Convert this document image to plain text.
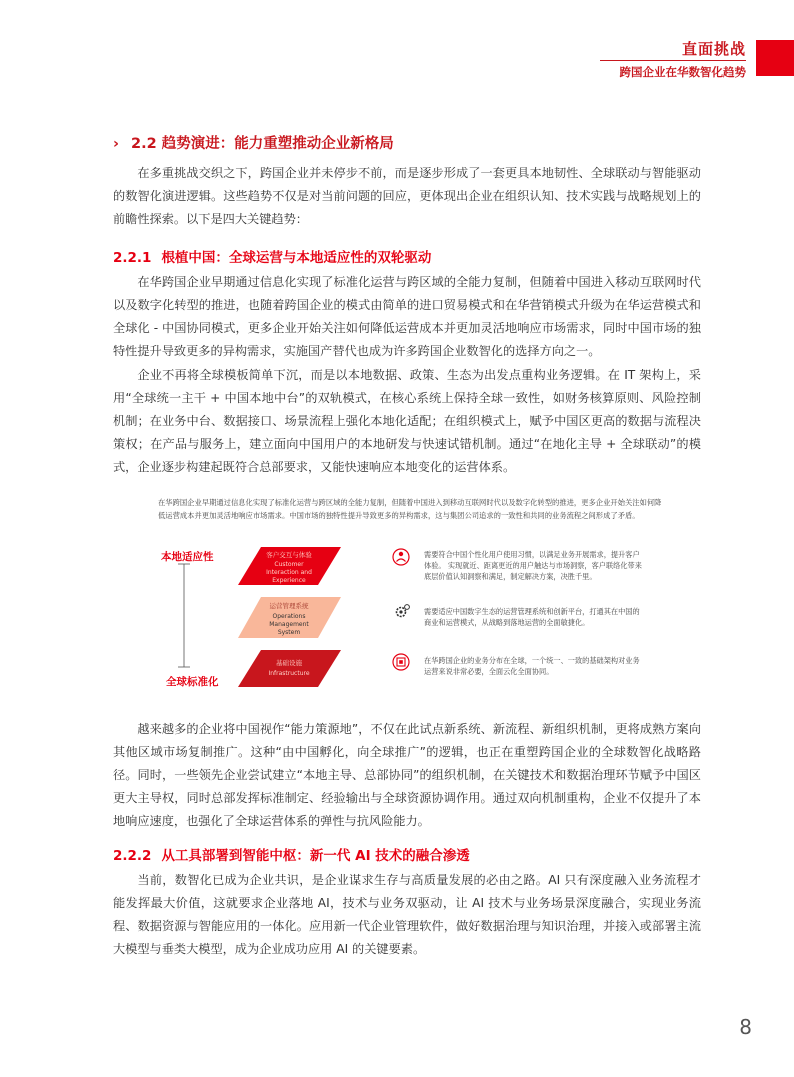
直面挑战
跨国企业在华数智化趋势
› 2.2 趋势演进：能力重塑推动企业新格局

在多重挑战交织之下，跨国企业并未停步不前，而是逐步形成了一套更具本地韧性、全球联动与智能驱动的数智化演进逻辑。这些趋势不仅是对当前问题的回应，更体现出企业在组织认知、技术实践与战略规划上的前瞻性探索。以下是四大关键趋势：

2.2.1 根植中国：全球运营与本地适应性的双轮驱动

在华跨国企业早期通过信息化实现了标准化运营与跨区域的全能力复制，但随着中国进入移动互联网时代以及数字化转型的推进，也随着跨国企业的模式由简单的进口贸易模式和在华营销模式升级为在华运营模式和全球化 - 中国协同模式，更多企业开始关注如何降低运营成本并更加灵活地响应市场需求，同时中国市场的独特性提升导致更多的异构需求，实施国产替代也成为许多跨国企业数智化的选择方向之一。

企业不再将全球模板简单下沉，而是以本地数据、政策、生态为出发点重构业务逻辑。在 IT 架构上，采用“全球统一主干 + 中国本地中台”的双轨模式，在核心系统上保持全球一致性，如财务核算原则、风险控制机制；在业务中台、数据接口、场景流程上强化本地化适配；在组织模式上，赋予中国区更高的数据与流程决策权；在产品与服务上，建立面向中国用户的本地研发与快速试错机制。通过“在地化主导 + 全球联动”的模式，企业逐步构建起既符合总部要求，又能快速响应本地变化的运营体系。

在华跨国企业早期通过信息化实现了标准化运营与跨区域的全能力复制，但随着中国进入到移动互联网时代以及数字化转型的推进，更多企业开始关注如何降低运营成本并更加灵活地响应市场需求。中国市场的独特性提升导致更多的异构需求，这与集团公司追求的一致性和共同的业务流程之间形成了矛盾。

客户交互与体验
Customer
Interaction and
Experience
运营管理系统
Operations
Management
System
基础设施
Infrastructure
本地适应性
全球标准化

需要符合中国个性化用户使用习惯，以满足业务开展需求，提升客户体验。 实现就近、距离更近的用户触达与市场洞察，客户联络化带来底层价值认知洞察和满足，制定解决方案，决胜千里。

需要适应中国数字生态的运营管理系统和创新平台，打通其在中国的商业和运营模式，从战略到落地运营的全面敏捷化。

在华跨国企业的业务分布在全球，一个统一、一致的基础架构对业务运营来说非常必要，全面云化全面协同。

越来越多的企业将中国视作“能力策源地”，不仅在此试点新系统、新流程、新组织机制，更将成熟方案向其他区域市场复制推广。这种“由中国孵化，向全球推广”的逻辑，也正在重塑跨国企业的全球数智化战略路径。同时，一些领先企业尝试建立“本地主导、总部协同”的组织机制，在关键技术和数据治理环节赋予中国区更大主导权，同时总部发挥标准制定、经验输出与全球资源协调作用。通过双向机制重构，企业不仅提升了本地响应速度，也强化了全球运营体系的弹性与抗风险能力。

2.2.2 从工具部署到智能中枢：新一代 AI 技术的融合渗透

当前，数智化已成为企业共识，是企业谋求生存与高质量发展的必由之路。AI 只有深度融入业务流程才能发挥最大价值，这就要求企业落地 AI，技术与业务双驱动，让 AI 技术与业务场景深度融合，实现业务流程、数据资源与智能应用的一体化。应用新一代企业管理软件，做好数据治理与知识治理，并接入或部署主流大模型与垂类大模型，成为企业成功应用 AI 的关键要素。

8
